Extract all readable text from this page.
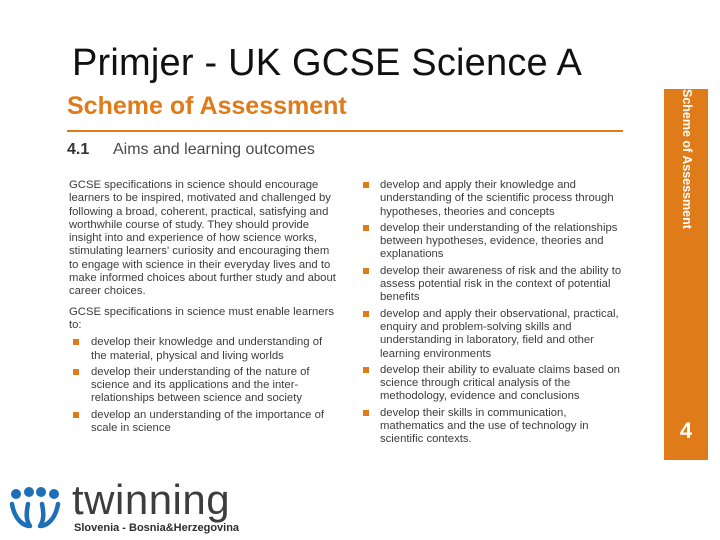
Primjer - UK GCSE Science A
Scheme of Assessment
4.1 Aims and learning outcomes

GCSE specifications in science should encourage learners to be inspired, motivated and challenged by following a broad, coherent, practical, satisfying and worthwhile course of study. They should provide insight into and experience of how science works, stimulating learners' curiosity and encouraging them to engage with science in their everyday lives and to make informed choices about further study and about career choices.

GCSE specifications in science must enable learners to:

develop their knowledge and understanding of the material, physical and living worlds
develop their understanding of the nature of science and its applications and the inter-relationships between science and society
develop an understanding of the importance of scale in science
develop and apply their knowledge and understanding of the scientific process through hypotheses, theories and concepts
develop their understanding of the relationships between hypotheses, evidence, theories and explanations
develop their awareness of risk and the ability to assess potential risk in the context of potential benefits
develop and apply their observational, practical, enquiry and problem-solving skills and understanding in laboratory, field and other learning environments
develop their ability to evaluate claims based on science through critical analysis of the methodology, evidence and conclusions
develop their skills in communication, mathematics and the use of technology in scientific contexts.
Scheme of Assessment
4
twinning
Slovenia - Bosnia&Herzegovina
